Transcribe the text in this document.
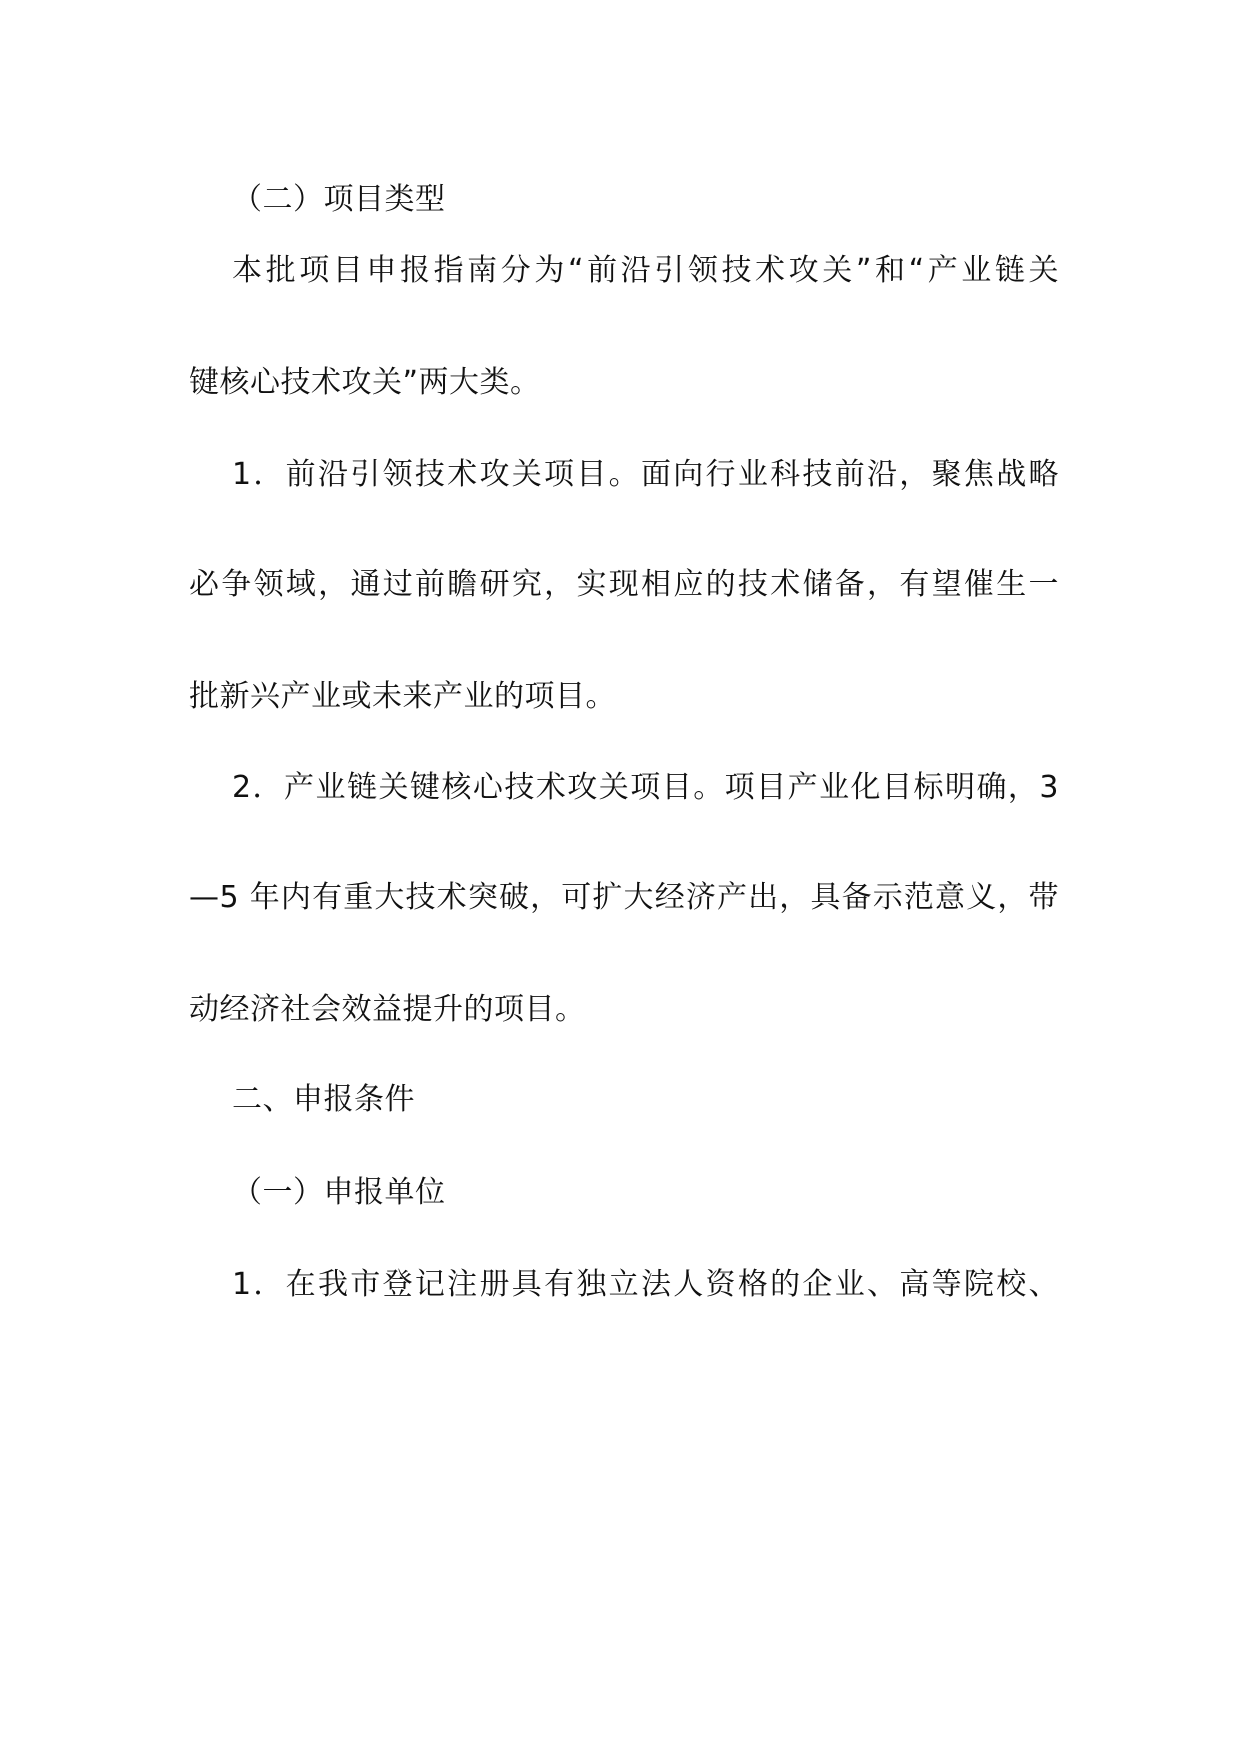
（二）项目类型
本批项目申报指南分为“前沿引领技术攻关”和“产业链关
键核心技术攻关”两大类。
1．前沿引领技术攻关项目。面向行业科技前沿，聚焦战略
必争领域，通过前瞻研究，实现相应的技术储备，有望催生一
批新兴产业或未来产业的项目。
2．产业链关键核心技术攻关项目。项目产业化目标明确，3
—5 年内有重大技术突破，可扩大经济产出，具备示范意义，带
动经济社会效益提升的项目。
二、申报条件
（一）申报单位
1．在我市登记注册具有独立法人资格的企业、高等院校、
